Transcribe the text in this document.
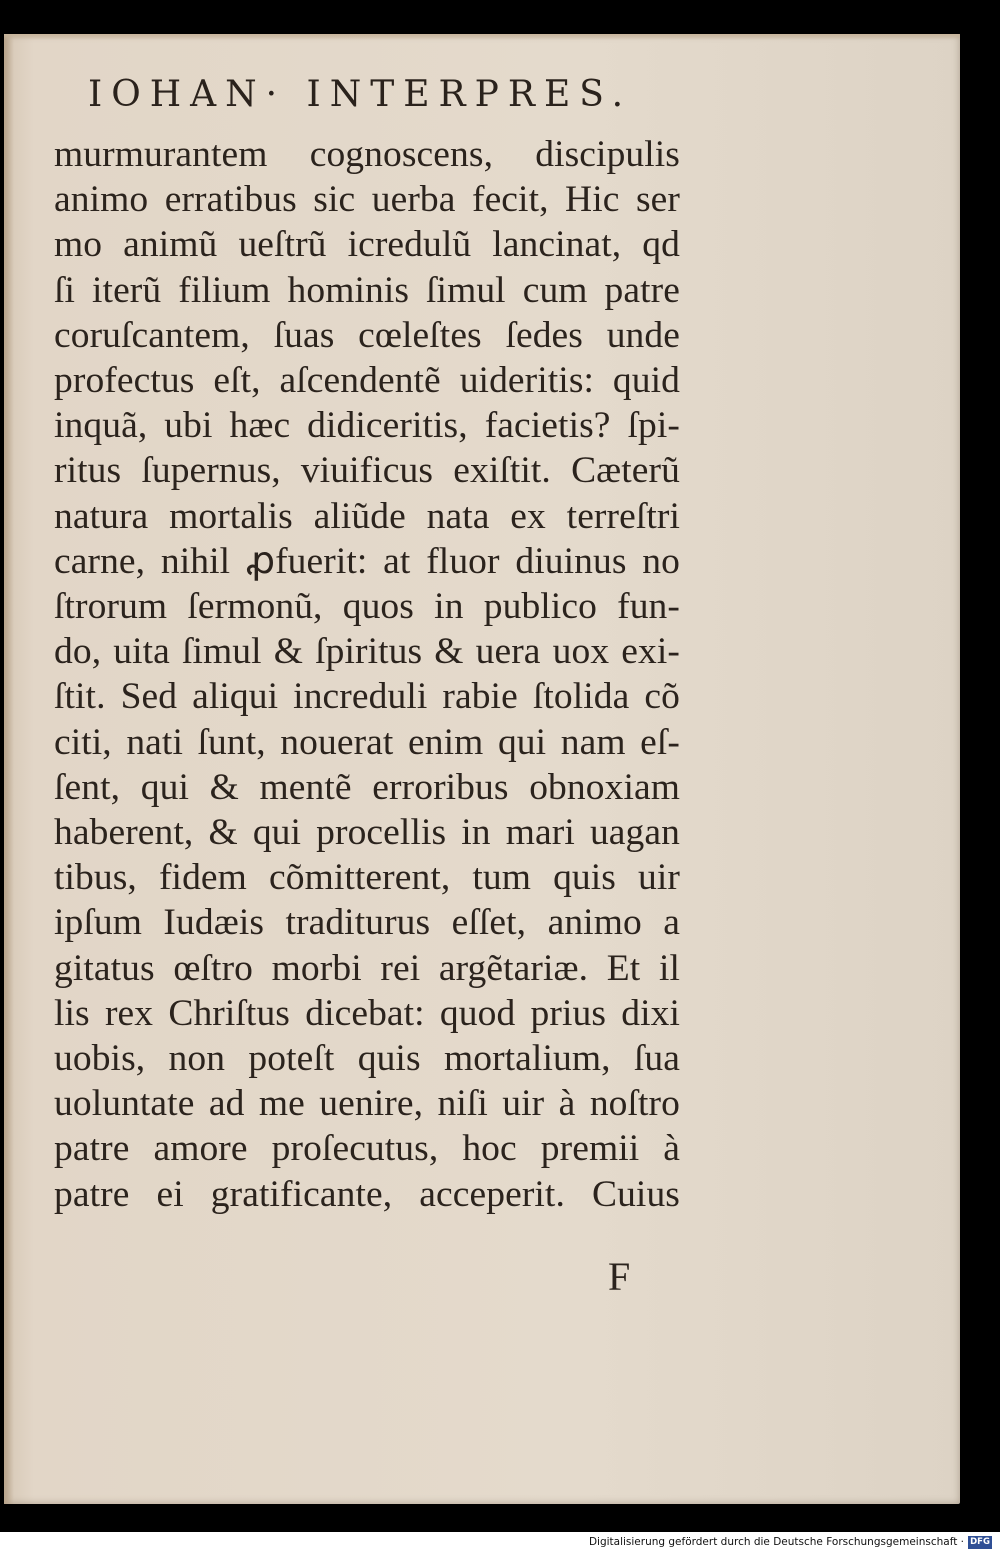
IOHAN· INTERPRES.
murmurantem cognoscens, discipulis
animo erratibus sic uerba fecit, Hic ser
mo animũ ueſtrũ icredulũ lancinat, qd
ſi iterũ filium hominis ſimul cum patre
coruſcantem, ſuas cœleſtes ſedes unde
profectus eſt, aſcendentẽ uideritis: quid
inquã, ubi hæc didiceritis, facietis? ſpi-
ritus ſupernus, viuificus exiſtit. Cæterũ
natura mortalis aliũde nata ex terreſtri
carne, nihil ꝓfuerit: at fluor diuinus no
ſtrorum ſermonũ, quos in publico fun-
do, uita ſimul & ſpiritus & uera uox exi-
ſtit. Sed aliqui increduli rabie ſtolida cõ
citi, nati ſunt, nouerat enim qui nam eſ-
ſent, qui & mentẽ erroribus obnoxiam
haberent, & qui procellis in mari uagan
tibus, fidem cõmitterent, tum quis uir
ipſum Iudæis traditurus eſſet, animo a
gitatus œſtro morbi rei argẽtariæ. Et il
lis rex Chriſtus dicebat: quod prius dixi
uobis, non poteſt quis mortalium, ſua
uoluntate ad me uenire, niſi uir à noſtro
patre amore proſecutus, hoc premii à
patre ei gratificante, acceperit. Cuius
F
Digitalisierung gefördert durch die Deutsche Forschungsgemeinschaft · DFG
